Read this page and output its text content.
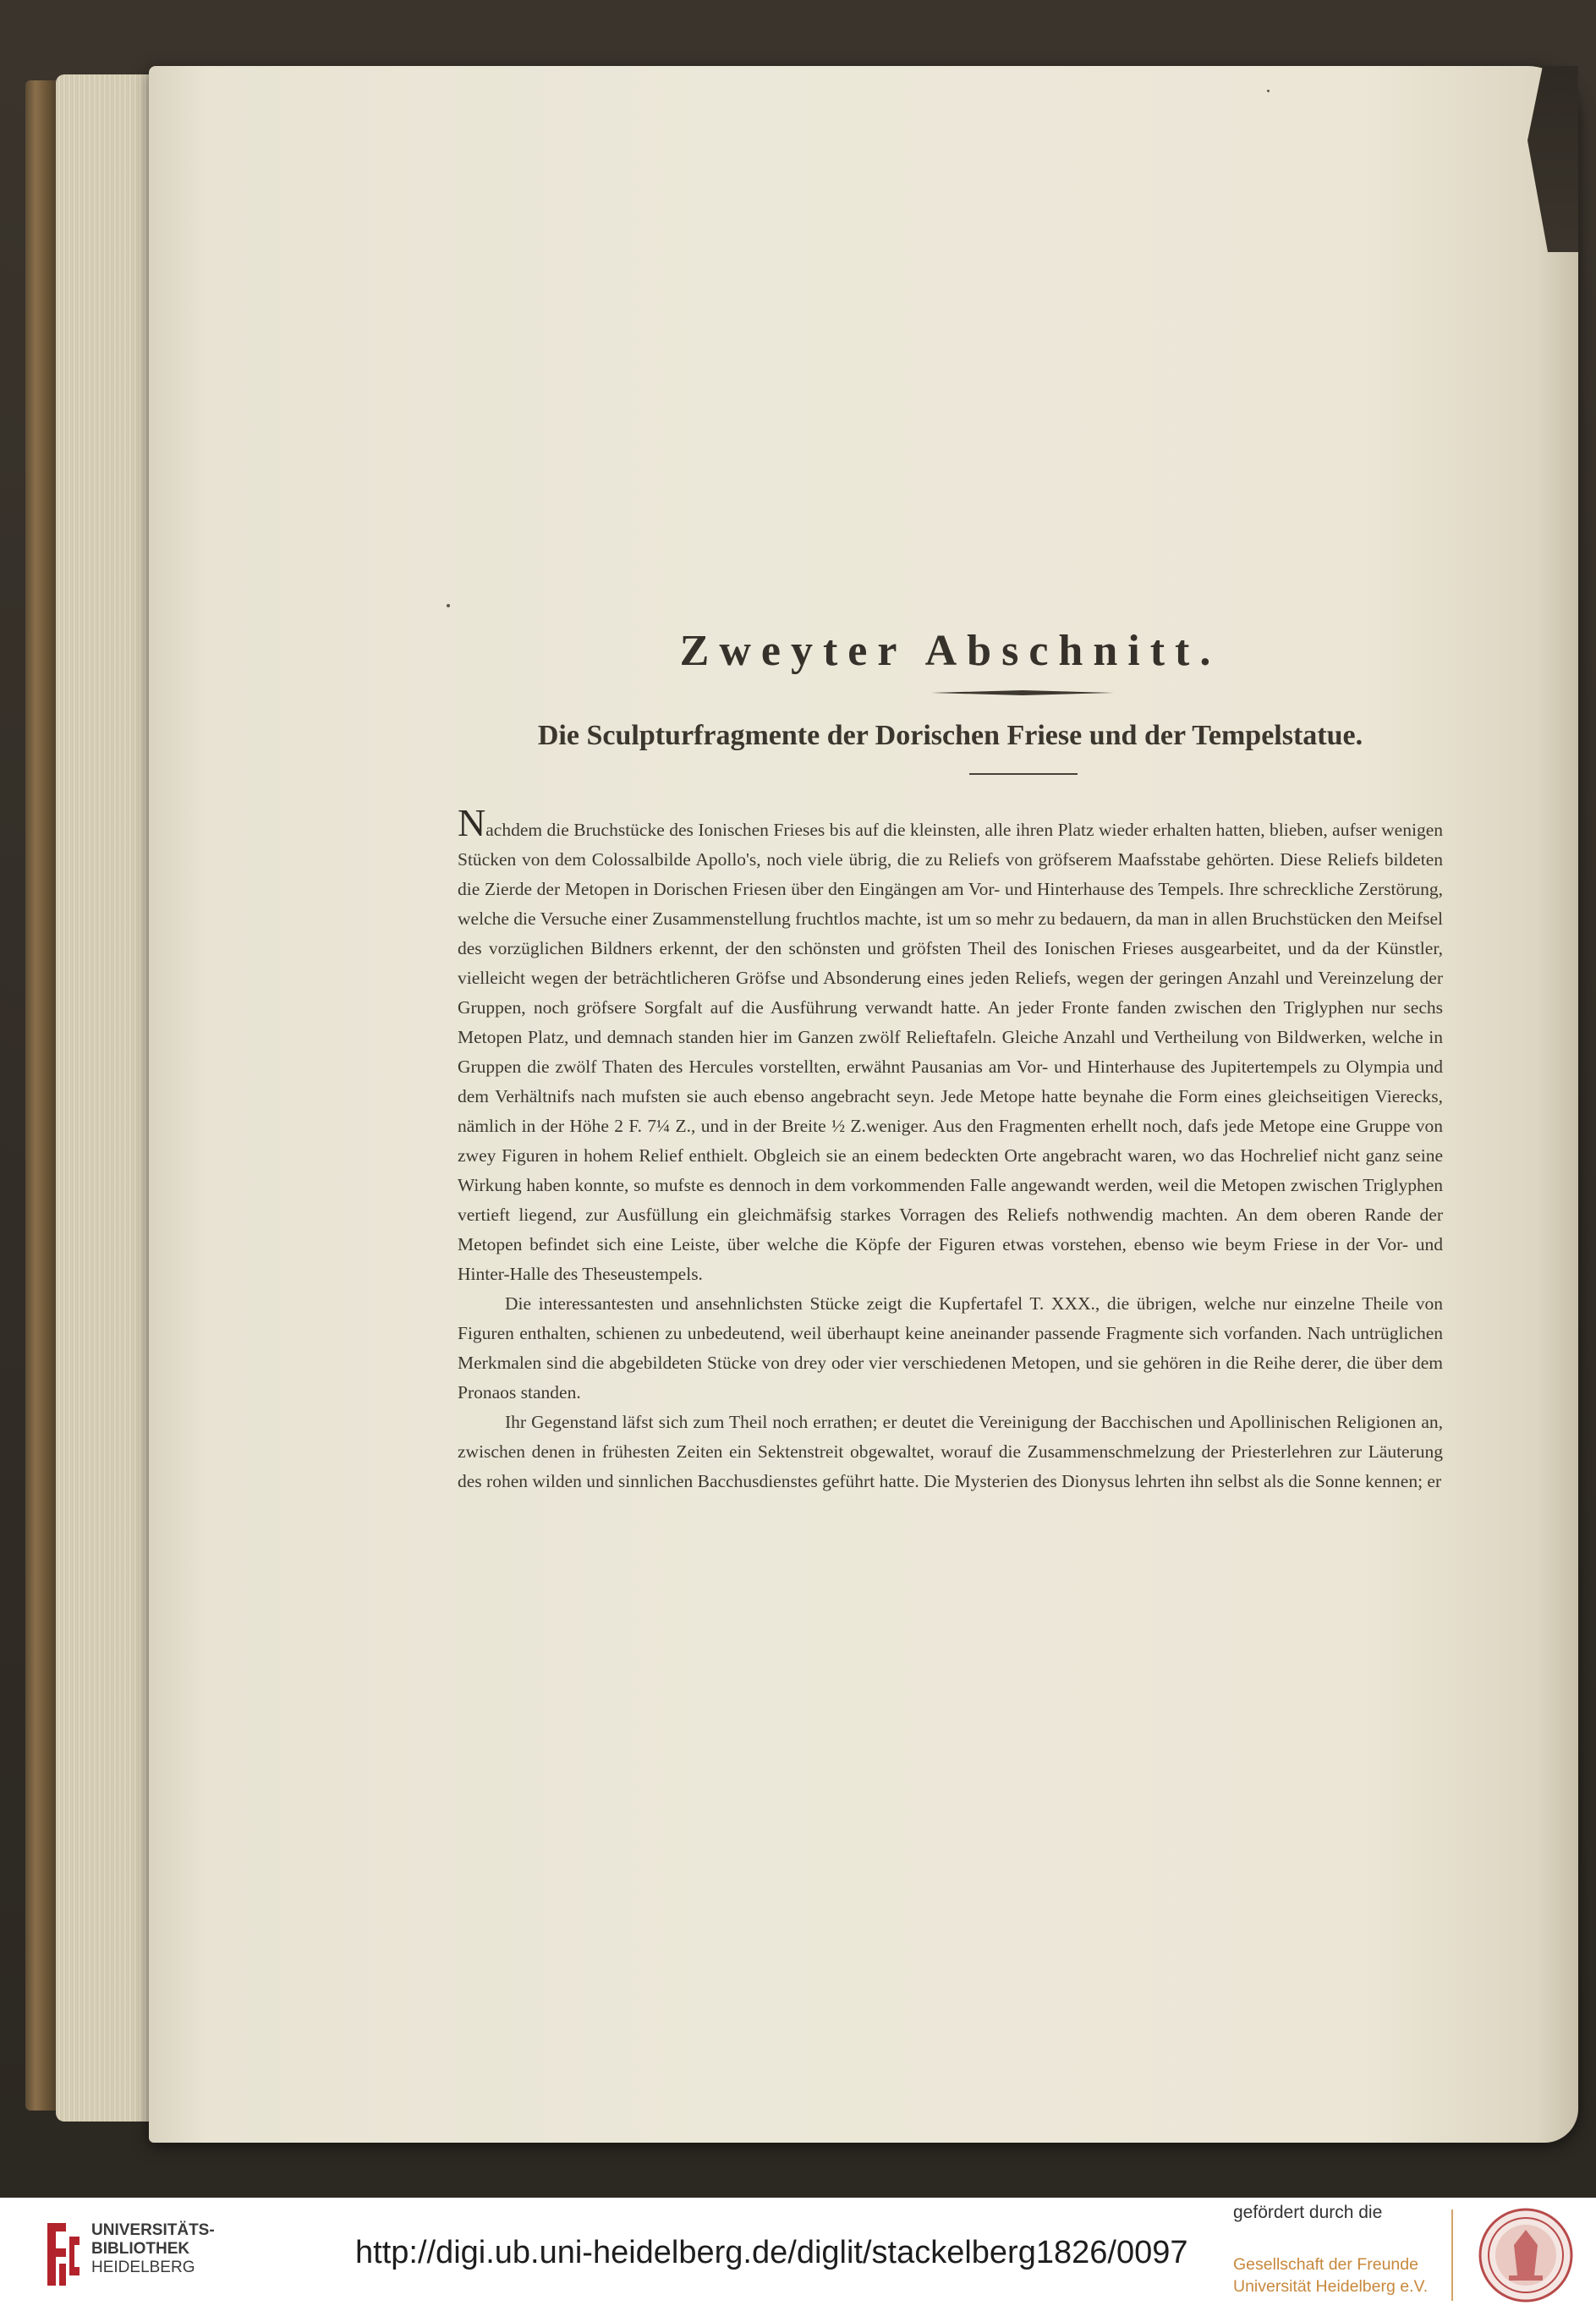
Zweyter Abschnitt.
Die Sculpturfragmente der Dorischen Friese und der Tempelstatue.

Nachdem die Bruchstücke des Ionischen Frieses bis auf die kleinsten, alle ihren Platz wieder erhalten hatten, blieben, aufser wenigen Stücken von dem Colossalbilde Apollo's, noch viele übrig, die zu Reliefs von gröfserem Maafsstabe gehörten. Diese Reliefs bildeten die Zierde der Metopen in Dorischen Friesen über den Eingängen am Vor- und Hinterhause des Tempels. Ihre schreckliche Zerstörung, welche die Versuche einer Zusammenstellung fruchtlos machte, ist um so mehr zu bedauern, da man in allen Bruchstücken den Meifsel des vorzüglichen Bildners erkennt, der den schönsten und gröfsten Theil des Ionischen Frieses ausgearbeitet, und da der Künstler, vielleicht wegen der beträchtlicheren Gröfse und Absonderung eines jeden Reliefs, wegen der geringen Anzahl und Vereinzelung der Gruppen, noch gröfsere Sorgfalt auf die Ausführung verwandt hatte. An jeder Fronte fanden zwischen den Triglyphen nur sechs Metopen Platz, und demnach standen hier im Ganzen zwölf Relieftafeln. Gleiche Anzahl und Vertheilung von Bildwerken, welche in Gruppen die zwölf Thaten des Hercules vorstellten, erwähnt Pausanias am Vor- und Hinterhause des Jupitertempels zu Olympia und dem Verhältnifs nach mufsten sie auch ebenso angebracht seyn. Jede Metope hatte beynahe die Form eines gleichseitigen Vierecks, nämlich in der Höhe 2 F. 7¼ Z., und in der Breite ½ Z.weniger. Aus den Fragmenten erhellt noch, dafs jede Metope eine Gruppe von zwey Figuren in hohem Relief enthielt. Obgleich sie an einem bedeckten Orte angebracht waren, wo das Hochrelief nicht ganz seine Wirkung haben konnte, so mufste es dennoch in dem vorkommenden Falle angewandt werden, weil die Metopen zwischen Triglyphen vertieft liegend, zur Ausfüllung ein gleichmäfsig starkes Vorragen des Reliefs nothwendig machten. An dem oberen Rande der Metopen befindet sich eine Leiste, über welche die Köpfe der Figuren etwas vorstehen, ebenso wie beym Friese in der Vor- und Hinter-Halle des Theseustempels.

Die interessantesten und ansehnlichsten Stücke zeigt die Kupfertafel T. XXX., die übrigen, welche nur einzelne Theile von Figuren enthalten, schienen zu unbedeutend, weil überhaupt keine aneinander passende Fragmente sich vorfanden. Nach untrüglichen Merkmalen sind die abgebildeten Stücke von drey oder vier verschiedenen Metopen, und sie gehören in die Reihe derer, die über dem Pronaos standen.

Ihr Gegenstand läfst sich zum Theil noch errathen; er deutet die Vereinigung der Bacchischen und Apollinischen Religionen an, zwischen denen in frühesten Zeiten ein Sektenstreit obgewaltet, worauf die Zusammenschmelzung der Priesterlehren zur Läuterung des rohen wilden und sinnlichen Bacchusdienstes geführt hatte. Die Mysterien des Dionysus lehrten ihn selbst als die Sonne kennen; er

UNIVERSITÄTS-
BIBLIOTHEK
HEIDELBERG	http://digi.ub.uni-heidelberg.de/diglit/stackelberg1826/0097
gefördert durch die
Gesellschaft der Freunde
Universität Heidelberg e.V.
